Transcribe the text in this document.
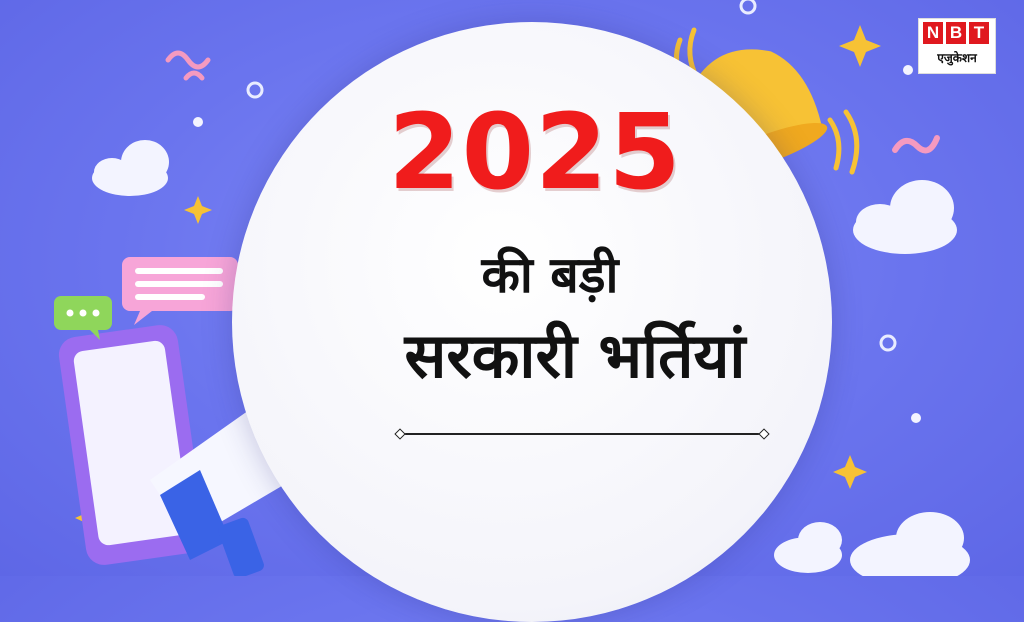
2025
की बड़ी
सरकारी भर्तियां
N B T
एजुकेशन
